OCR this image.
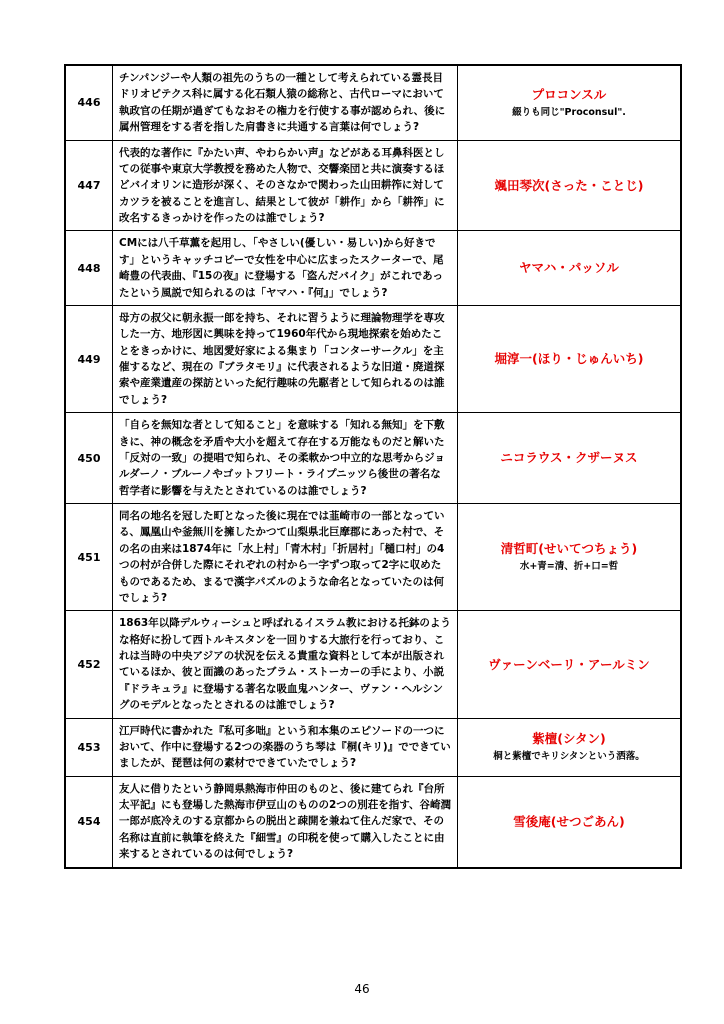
446	チンパンジーや人類の祖先のうちの一種として考えられている霊長目ドリオピテクス科に属する化石類人猿の総称と、古代ローマにおいて執政官の任期が過ぎてもなおその権力を行使する事が認められ、後に属州管理をする者を指した肩書きに共通する言葉は何でしょう?	プロコンスル
綴りも同じ"Proconsul".

447	代表的な著作に『かたい声、やわらかい声』などがある耳鼻科医としての従事や東京大学教授を務めた人物で、交響楽団と共に演奏するほどバイオリンに造形が深く、そのさなかで関わった山田耕筰に対してカツラを被ることを進言し、結果として彼が「耕作」から「耕筰」に改名するきっかけを作ったのは誰でしょう?	颯田琴次(さった・ことじ)

448	CMには八千草薫を起用し、「やさしい(優しい・易しい)から好きです」というキャッチコピーで女性を中心に広まったスクーターで、尾崎豊の代表曲、『15の夜』に登場する「盗んだバイク」がこれであったという風説で知られるのは「ヤマハ・『何』」でしょう?	ヤマハ・パッソル

449	母方の叔父に朝永振一郎を持ち、それに習うように理論物理学を専攻した一方、地形図に興味を持って1960年代から現地探索を始めたことをきっかけに、地図愛好家による集まり「コンターサークル」を主催するなど、現在の『ブラタモリ』に代表されるような旧道・廃道探索や産業遺産の探訪といった紀行趣味の先駆者として知られるのは誰でしょう?	堀淳一(ほり・じゅんいち)

450	「自らを無知な者として知ること」を意味する「知れる無知」を下敷きに、神の概念を矛盾や大小を超えて存在する万能なものだと解いた「反対の一致」の提唱で知られ、その柔軟かつ中立的な思考からジョルダーノ・ブルーノやゴットフリート・ライプニッツら後世の著名な哲学者に影響を与えたとされているのは誰でしょう?	ニコラウス・クザーヌス

451	同名の地名を冠した町となった後に現在では韮崎市の一部となっている、鳳凰山や釜無川を擁したかつて山梨県北巨摩郡にあった村で、その名の由来は1874年に「水上村」「青木村」「折居村」「樋口村」の4つの村が合併した際にそれぞれの村から一字ずつ取って2字に収めたものであるため、まるで漢字パズルのような命名となっていたのは何でしょう?	清哲町(せいてつちょう)
水+青=清、折+口=哲

452	1863年以降デルウィーシュと呼ばれるイスラム教における托鉢のような格好に扮して西トルキスタンを一回りする大旅行を行っており、これは当時の中央アジアの状況を伝える貴重な資料として本が出版されているほか、彼と面識のあったブラム・ストーカーの手により、小説『ドラキュラ』に登場する著名な吸血鬼ハンター、ヴァン・ヘルシングのモデルとなったとされるのは誰でしょう?	ヴァーンベーリ・アールミン

453	江戸時代に書かれた『私可多咄』という和本集のエピソードの一つにおいて、作中に登場する2つの楽器のうち琴は『桐(キリ)』でできていましたが、琵琶は何の素材でできていたでしょう?	紫檀(シタン)
桐と紫檀でキリシタンという洒落。

454	友人に借りたという静岡県熱海市仲田のものと、後に建てられ『台所太平記』にも登場した熱海市伊豆山のものの2つの別荘を指す、谷崎潤一郎が底冷えのする京都からの脱出と疎開を兼ねて住んだ家で、その名称は直前に執筆を終えた『細雪』の印税を使って購入したことに由来するとされているのは何でしょう?	雪後庵(せつごあん)
46
